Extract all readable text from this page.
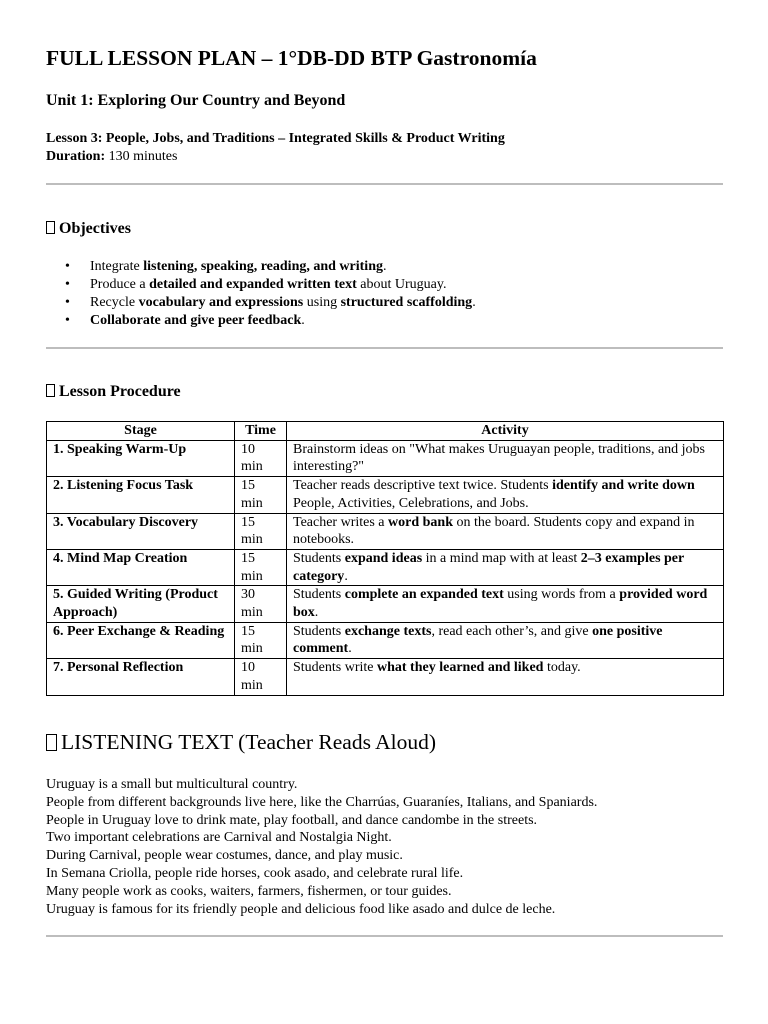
FULL LESSON PLAN – 1°DB-DD BTP Gastronomía
Unit 1: Exploring Our Country and Beyond
Lesson 3: People, Jobs, and Traditions – Integrated Skills & Product Writing
Duration: 130 minutes
Objectives
• Integrate listening, speaking, reading, and writing.
• Produce a detailed and expanded written text about Uruguay.
• Recycle vocabulary and expressions using structured scaffolding.
• Collaborate and give peer feedback.
Lesson Procedure
Stage	Time	Activity
1. Speaking Warm-Up	10 min	Brainstorm ideas on "What makes Uruguayan people, traditions, and jobs interesting?"
2. Listening Focus Task	15 min	Teacher reads descriptive text twice. Students identify and write down People, Activities, Celebrations, and Jobs.
3. Vocabulary Discovery	15 min	Teacher writes a word bank on the board. Students copy and expand in notebooks.
4. Mind Map Creation	15 min	Students expand ideas in a mind map with at least 2–3 examples per category.
5. Guided Writing (Product Approach)	30 min	Students complete an expanded text using words from a provided word box.
6. Peer Exchange & Reading	15 min	Students exchange texts, read each other’s, and give one positive comment.
7. Personal Reflection	10 min	Students write what they learned and liked today.
LISTENING TEXT (Teacher Reads Aloud)
Uruguay is a small but multicultural country.
People from different backgrounds live here, like the Charrúas, Guaraníes, Italians, and Spaniards.
People in Uruguay love to drink mate, play football, and dance candombe in the streets.
Two important celebrations are Carnival and Nostalgia Night.
During Carnival, people wear costumes, dance, and play music.
In Semana Criolla, people ride horses, cook asado, and celebrate rural life.
Many people work as cooks, waiters, farmers, fishermen, or tour guides.
Uruguay is famous for its friendly people and delicious food like asado and dulce de leche.
